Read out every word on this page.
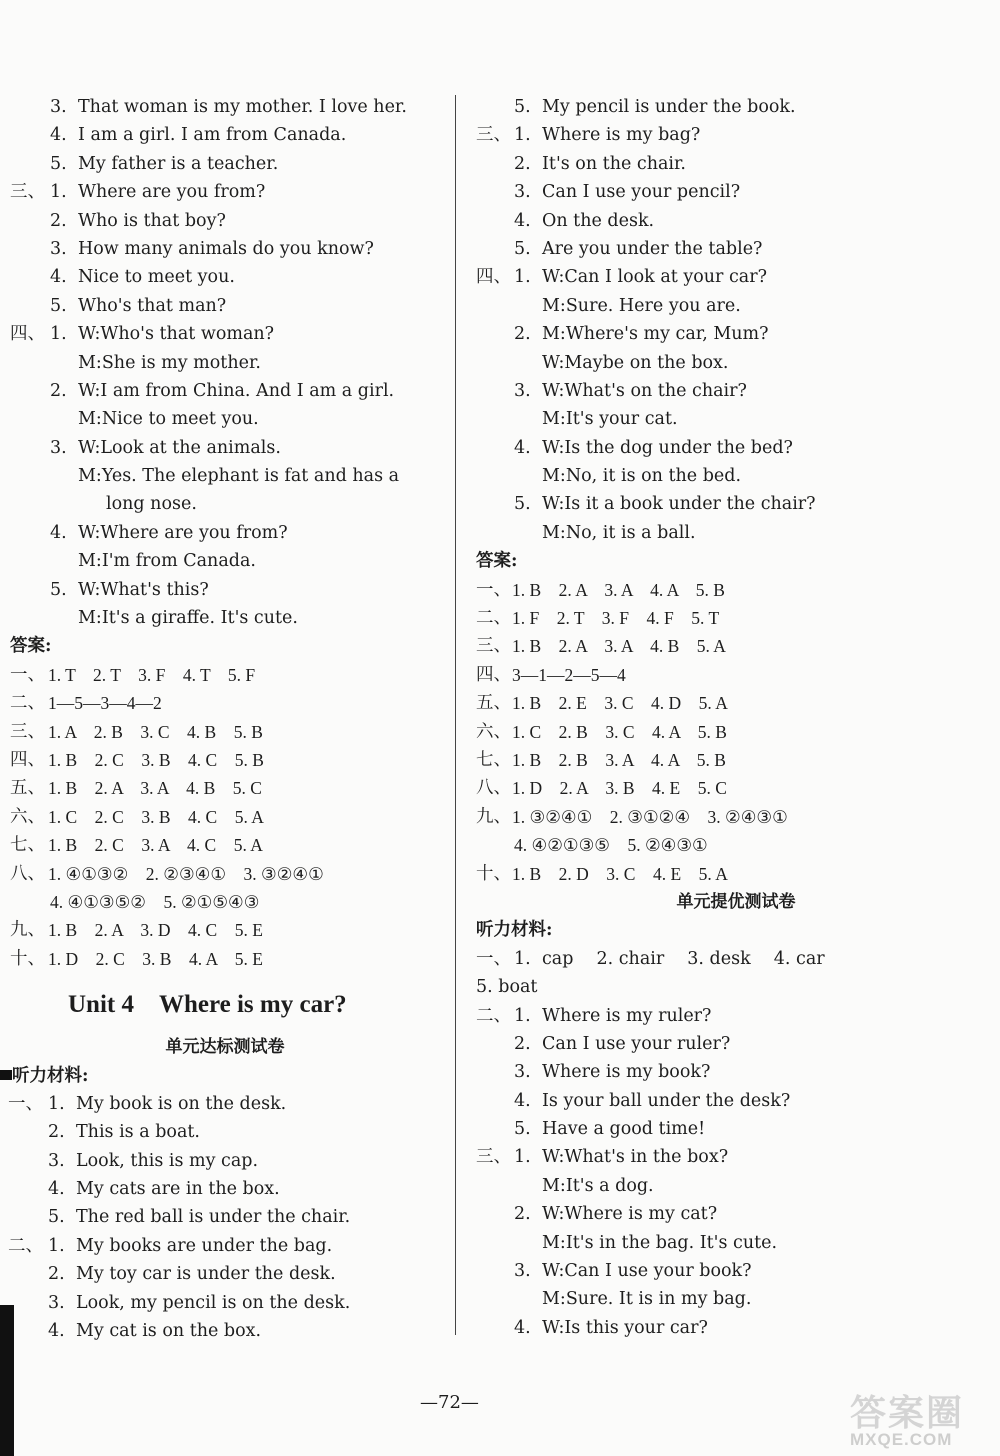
3. That woman is my mother. I love her.
4. I am a girl. I am from Canada.
5. My father is a teacher.
三、 1. Where are you from?
2. Who is that boy?
3. How many animals do you know?
4. Nice to meet you.
5. Who's that man?
四、 1. W:Who's that woman?
M:She is my mother.
2. W:I am from China. And I am a girl.
M:Nice to meet you.
3. W:Look at the animals.
M:Yes. The elephant is fat and has a
long nose.
4. W:Where are you from?
M:I'm from Canada.
5. W:What's this?
M:It's a giraffe. It's cute.
答案:
一、 1. T　2. T　3. F　4. T　5. F
二、 1—5—3—4—2
三、 1. A　2. B　3. C　4. B　5. B
四、 1. B　2. C　3. B　4. C　5. B
五、 1. B　2. A　3. A　4. B　5. C
六、 1. C　2. C　3. B　4. C　5. A
七、 1. B　2. C　3. A　4. C　5. A
八、 1. ④①③②　2. ②③④①　3. ③②④①
4. ④①③⑤②　5. ②①⑤④③
九、 1. B　2. A　3. D　4. C　5. E
十、 1. D　2. C　3. B　4. A　5. E
单元达标测试卷
听力材料:
一、 1. My book is on the desk.
2. This is a boat.
3. Look, this is my cap.
4. My cats are in the box.
5. The red ball is under the chair.
二、 1. My books are under the bag.
2. My toy car is under the desk.
3. Look, my pencil is on the desk.
4. My cat is on the box.
5. My pencil is under the book.
三、 1. Where is my bag?
2. It's on the chair.
3. Can I use your pencil?
4. On the desk.
5. Are you under the table?
四、 1. W:Can I look at your car?
M:Sure. Here you are.
2. M:Where's my car, Mum?
W:Maybe on the box.
3. W:What's on the chair?
M:It's your cat.
4. W:Is the dog under the bed?
M:No, it is on the bed.
5. W:Is it a book under the chair?
M:No, it is a ball.
答案:
一、 1. B　2. A　3. A　4. A　5. B
二、 1. F　2. T　3. F　4. F　5. T
三、 1. B　2. A　3. A　4. B　5. A
四、 3—1—2—5—4
五、 1. B　2. E　3. C　4. D　5. A
六、 1. C　2. B　3. C　4. A　5. B
七、 1. B　2. B　3. A　4. A　5. B
八、 1. D　2. A　3. B　4. E　5. C
九、 1. ③②④①　2. ③①②④　3. ②④③①
4. ④②①③⑤　5. ②④③①
十、 1. B　2. D　3. C　4. E　5. A
单元提优测试卷
听力材料:
一、 1. cap　 2. chair　 3. desk　 4. car
5. boat
二、 1. Where is my ruler?
2. Can I use your ruler?
3. Where is my book?
4. Is your ball under the desk?
5. Have a good time!
三、 1. W:What's in the box?
M:It's a dog.
2. W:Where is my cat?
M:It's in the bag. It's cute.
3. W:Can I use your book?
M:Sure. It is in my bag.
4. W:Is this your car?
Unit 4　Where is my car?
—72—	答案圈
MXQE.COM
